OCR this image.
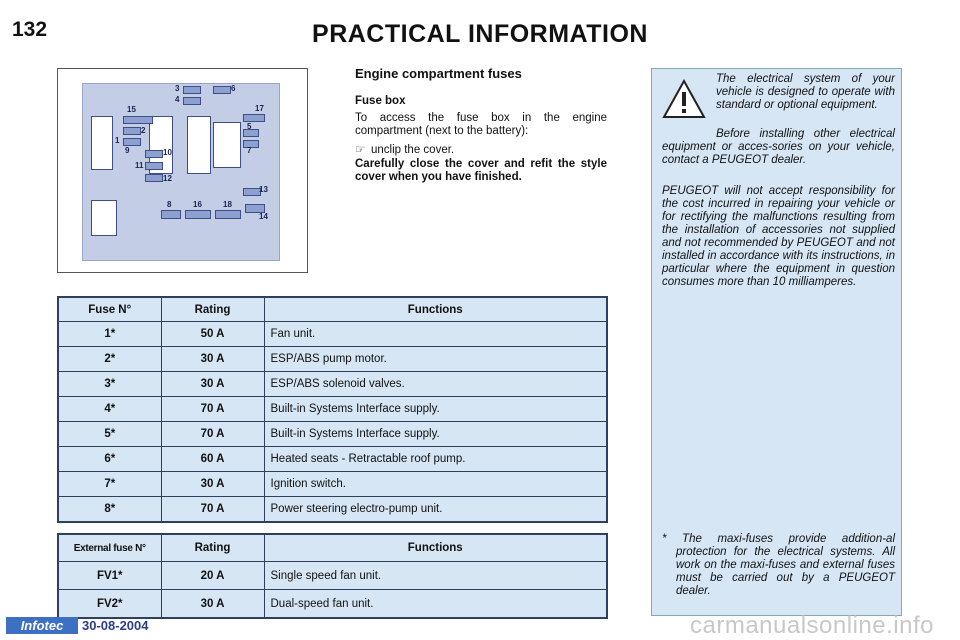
132	PRACTICAL INFORMATION
3	6
4
15	17
2	5
1
9	7
10
11
12
13
8	16	18
14
Engine compartment fuses
Fuse box
To access the fuse box in the engine compartment (next to the battery):
☞ unclip the cover.
Carefully close the cover and refit the style cover when you have finished.
The electrical system of your vehicle is designed to operate with standard or optional equipment.
Before installing other electrical equipment or acces-sories on your vehicle, contact a PEUGEOT dealer.
PEUGEOT will not accept responsibility for the cost incurred in repairing your vehicle or for rectifying the malfunctions resulting from the installation of accessories not supplied and not recommended by PEUGEOT and not installed in accordance with its instructions, in particular where the equipment in question consumes more than 10 milliamperes.
* The maxi-fuses provide addition-al protection for the electrical systems. All work on the maxi-fuses and external fuses must be carried out by a PEUGEOT dealer.
Fuse N°	Rating	Functions
1*	50 A	Fan unit.
2*	30 A	ESP/ABS pump motor.
3*	30 A	ESP/ABS solenoid valves.
4*	70 A	Built-in Systems Interface supply.
5*	70 A	Built-in Systems Interface supply.
6*	60 A	Heated seats - Retractable roof pump.
7*	30 A	Ignition switch.
8*	70 A	Power steering electro-pump unit.
External fuse N°	Rating	Functions
FV1*	20 A	Single speed fan unit.
FV2*	30 A	Dual-speed fan unit.
Infotec	30-08-2004	carmanualsonline.info
